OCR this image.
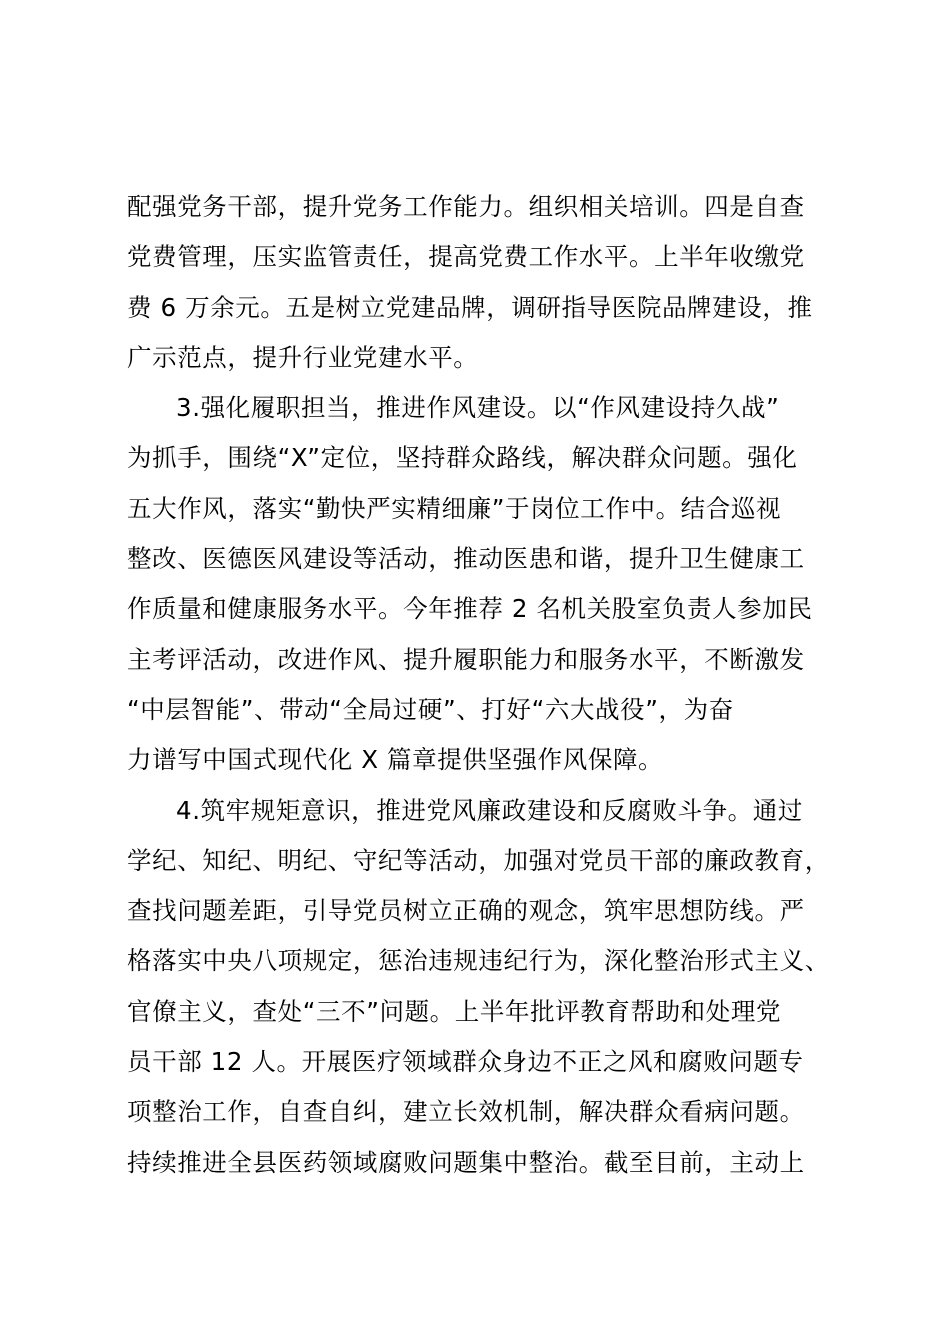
配强党务干部，提升党务工作能力。组织相关培训。四是自查
党费管理，压实监管责任，提高党费工作水平。上半年收缴党
费 6 万余元。五是树立党建品牌，调研指导医院品牌建设，推
广示范点，提升行业党建水平。
3.强化履职担当，推进作风建设。以“作风建设持久战”
为抓手，围绕“X”定位，坚持群众路线，解决群众问题。强化
五大作风，落实“勤快严实精细廉”于岗位工作中。结合巡视
整改、医德医风建设等活动，推动医患和谐，提升卫生健康工
作质量和健康服务水平。今年推荐 2 名机关股室负责人参加民
主考评活动，改进作风、提升履职能力和服务水平，不断激发
“中层智能”、带动“全局过硬”、打好“六大战役”，为奋
力谱写中国式现代化 X 篇章提供坚强作风保障。
4.筑牢规矩意识，推进党风廉政建设和反腐败斗争。通过
学纪、知纪、明纪、守纪等活动，加强对党员干部的廉政教育，
查找问题差距，引导党员树立正确的观念，筑牢思想防线。严
格落实中央八项规定，惩治违规违纪行为，深化整治形式主义、
官僚主义，查处“三不”问题。上半年批评教育帮助和处理党
员干部 12 人。开展医疗领域群众身边不正之风和腐败问题专
项整治工作，自查自纠，建立长效机制，解决群众看病问题。
持续推进全县医药领域腐败问题集中整治。截至目前，主动上
